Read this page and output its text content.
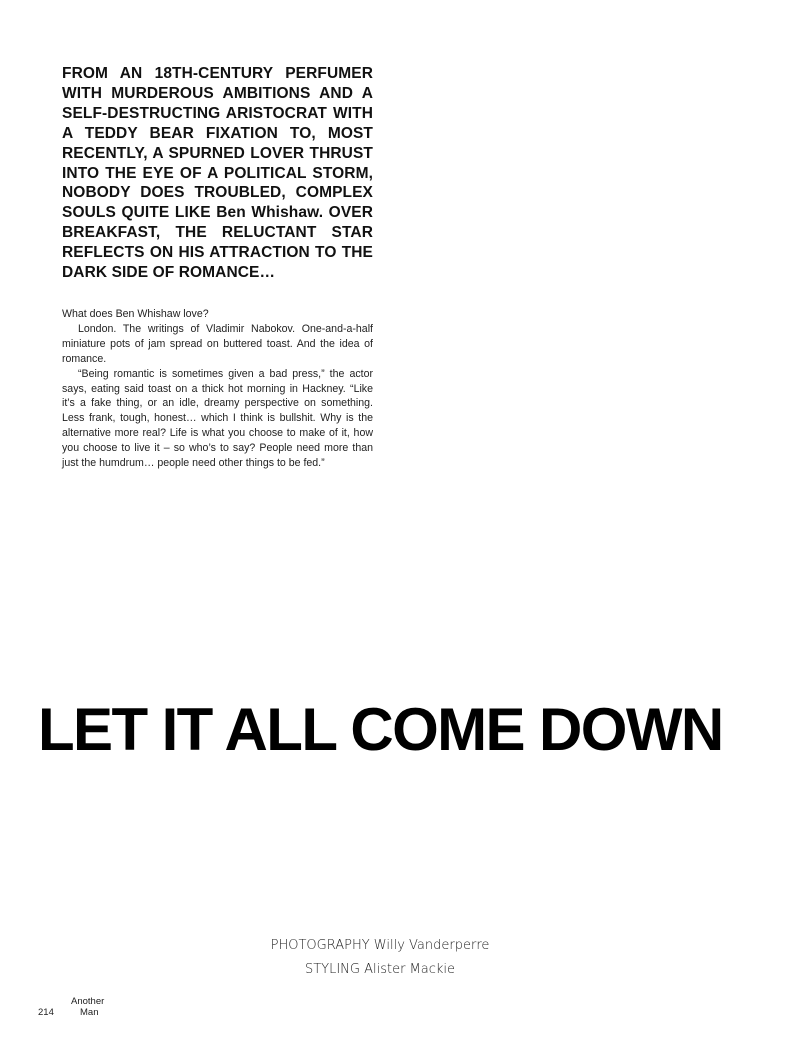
FROM AN 18TH-CENTURY PERFUMER WITH MURDEROUS AMBITIONS AND A SELF-DESTRUCTING ARISTOCRAT WITH A TEDDY BEAR FIXATION TO, MOST RECENTLY, A SPURNED LOVER THRUST INTO THE EYE OF A POLITICAL STORM, NOBODY DOES TROUBLED, COMPLEX SOULS QUITE LIKE Ben Whishaw. OVER BREAKFAST, THE RELUCTANT STAR REFLECTS ON HIS ATTRACTION TO THE DARK SIDE OF ROMANCE…

What does Ben Whishaw love?

London. The writings of Vladimir Nabokov. One-and-a-half miniature pots of jam spread on buttered toast. And the idea of romance.

“Being romantic is sometimes given a bad press,” the actor says, eating said toast on a thick hot morning in Hackney. “Like it’s a fake thing, or an idle, dreamy perspective on something. Less frank, tough, honest… which I think is bullshit. Why is the alternative more real? Life is what you choose to make of it, how you choose to live it – so who’s to say? People need more than just the humdrum… people need other things to be fed.”

LET IT ALL COME DOWN
PHOTOGRAPHY Willy Vanderperre
STYLING Alister Mackie
214
Another
Man
